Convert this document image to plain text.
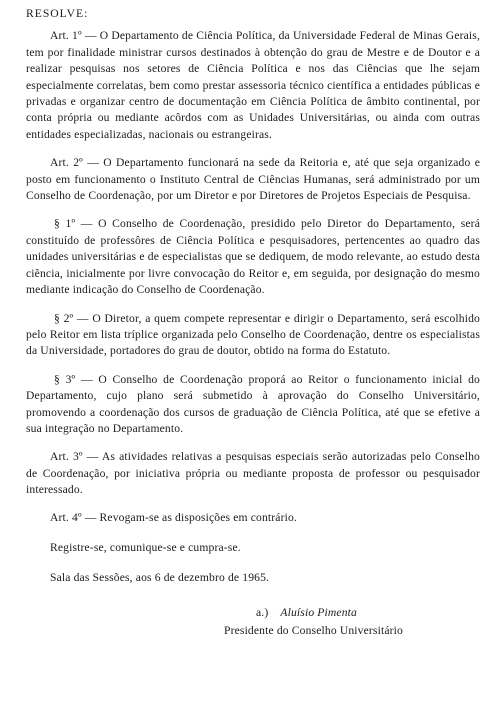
RESOLVE:

Art. 1º — O Departamento de Ciência Política, da Universidade Federal de Minas Gerais, tem por finalidade ministrar cursos destinados à obtenção do grau de Mestre e de Doutor e a realizar pesquisas nos setores de Ciência Política e nos das Ciências que lhe sejam especialmente correlatas, bem como prestar assessoria técnico científica a entidades públicas e privadas e organizar centro de documentação em Ciência Política de âmbito continental, por conta própria ou mediante acôrdos com as Unidades Universitárias, ou ainda com outras entidades especializadas, nacionais ou estrangeiras.

Art. 2º — O Departamento funcionará na sede da Reitoria e, até que seja organizado e posto em funcionamento o Instituto Central de Ciências Humanas, será administrado por um Conselho de Coordenação, por um Diretor e por Diretores de Projetos Especiais de Pesquisa.

§ 1º — O Conselho de Coordenação, presidido pelo Diretor do Departamento, será constituído de professôres de Ciência Política e pesquisadores, pertencentes ao quadro das unidades universitárias e de especialistas que se dediquem, de modo relevante, ao estudo desta ciência, inicialmente por livre convocação do Reitor e, em seguida, por designação do mesmo mediante indicação do Conselho de Coordenação.

§ 2º — O Diretor, a quem compete representar e dirigir o Departamento, será escolhido pelo Reitor em lista tríplice organizada pelo Conselho de Coordenação, dentre os especialistas da Universidade, portadores do grau de doutor, obtido na forma do Estatuto.

§ 3º — O Conselho de Coordenação proporá ao Reitor o funcionamento inicial do Departamento, cujo plano será submetido à aprovação do Conselho Universitário, promovendo a coordenação dos cursos de graduação de Ciência Política, até que se efetive a sua integração no Departamento.

Art. 3º — As atividades relativas a pesquisas especiais serão autorizadas pelo Conselho de Coordenação, por iniciativa própria ou mediante proposta de professor ou pesquisador interessado.

Art. 4º — Revogam-se as disposições em contrário.
Registre-se, comunique-se e cumpra-se.
Sala das Sessões, aos 6 de dezembro de 1965.
a.) Aluísio Pimenta
Presidente do Conselho Universitário
